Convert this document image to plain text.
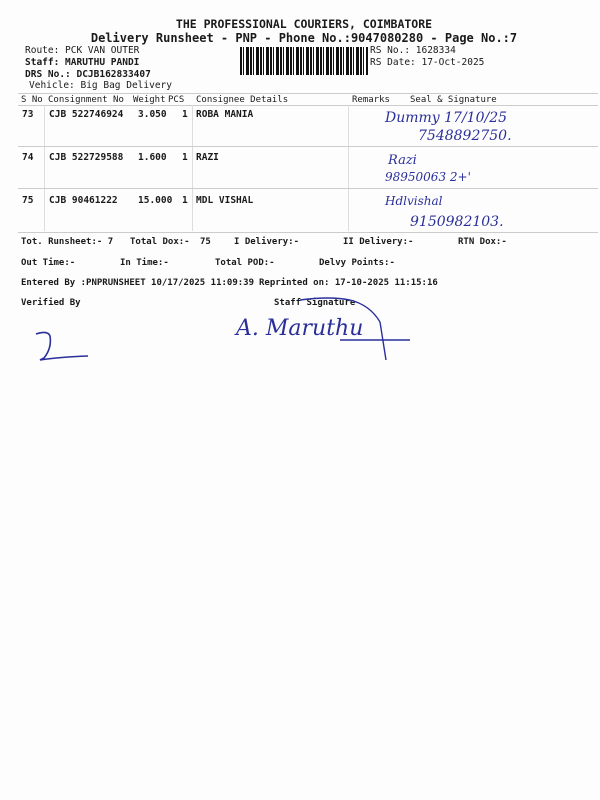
THE PROFESSIONAL COURIERS, COIMBATORE
Delivery Runsheet - PNP - Phone No.:9047080280 - Page No.:7
Route: PCK VAN OUTER
Staff: MARUTHU PANDI
DRS No.: DCJB162833407
Vehicle: Big Bag Delivery
RS No.: 1628334
RS Date: 17-Oct-2025
S No Consignment No Weight PCS Consignee Details	Remarks Seal & Signature
73 CJB 522746924 3.050 1 ROBA MANIA	Dummy 17/10/25
7548892750.
74 CJB 522729588 1.600 1 RAZI	Razi
98950063 2+'
75 CJB 90461222 15.000 1 MDL VISHAL	Hdlvishal
9150982103.
Tot. Runsheet:- 7 Total Dox:- 75	I Delivery:-	II Delivery:-	RTN Dox:-
Out Time:-	In Time:-	Total POD:-	Delvy Points:-
Entered By :PNPRUNSHEET 10/17/2025 11:09:39 Reprinted on: 17-10-2025 11:15:16
Verified By	Staff Signature
A. Maruthu
